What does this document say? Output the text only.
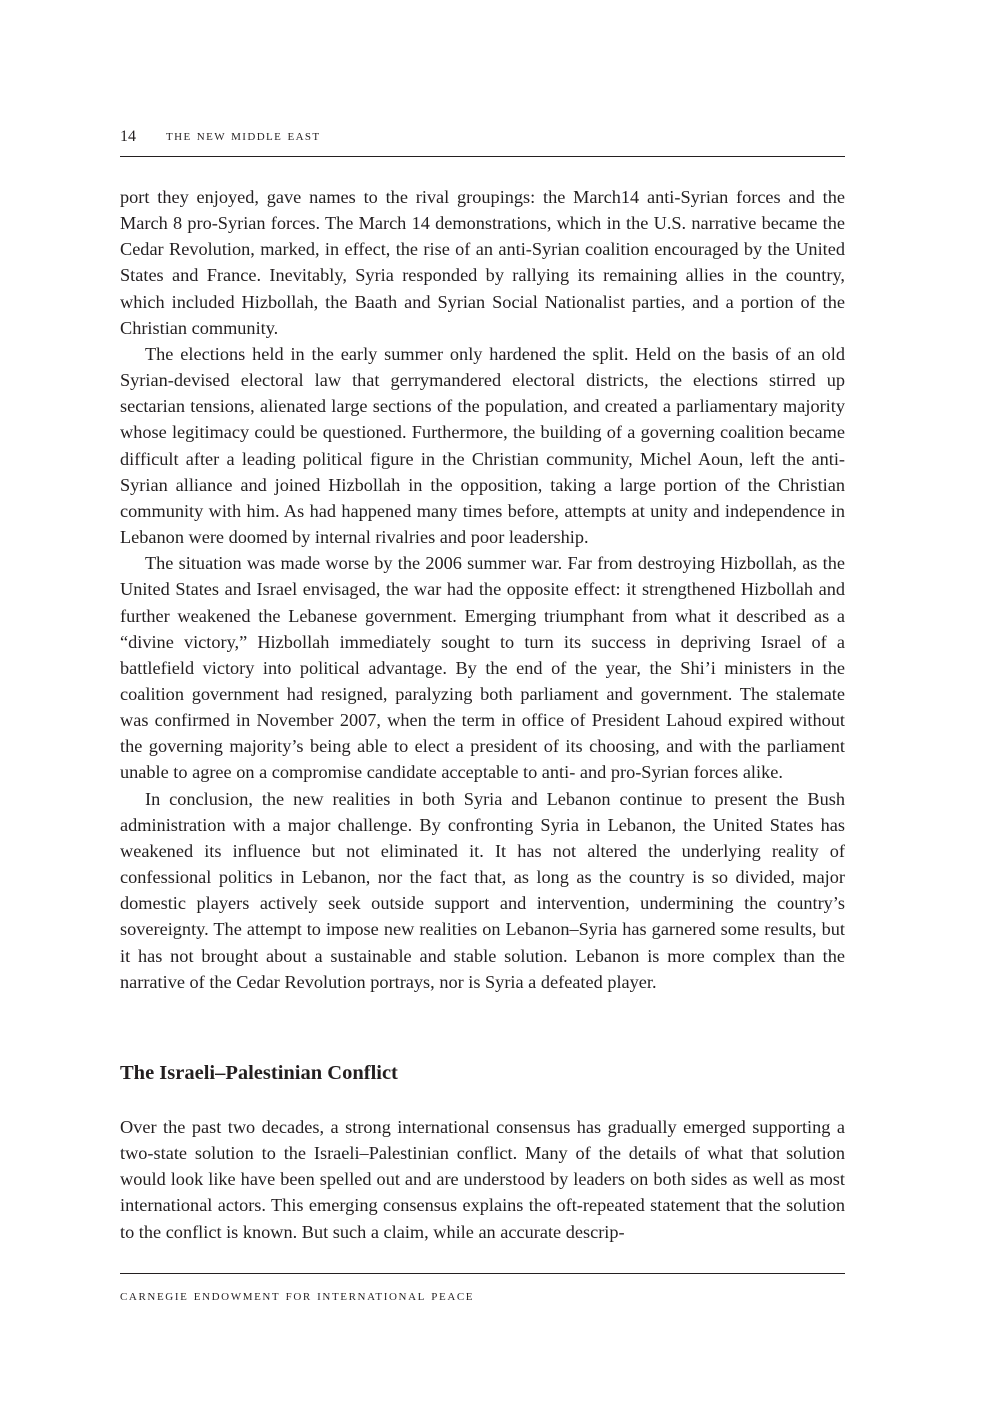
14 the new middle east

port they enjoyed, gave names to the rival groupings: the March14 anti-Syrian forces and the March 8 pro-Syrian forces. The March 14 demonstrations, which in the U.S. narrative became the Cedar Revolution, marked, in effect, the rise of an anti-Syrian coalition encouraged by the United States and France. Inevitably, Syria responded by rallying its remaining allies in the country, which included Hizbollah, the Baath and Syrian Social Nationalist parties, and a portion of the Christian community.

The elections held in the early summer only hardened the split. Held on the basis of an old Syrian-devised electoral law that gerrymandered electoral districts, the elections stirred up sectarian tensions, alienated large sections of the population, and created a parliamentary majority whose legitimacy could be questioned. Furthermore, the building of a governing coalition became difficult after a leading political figure in the Christian community, Michel Aoun, left the anti-Syrian alliance and joined Hizbollah in the opposition, taking a large portion of the Christian community with him. As had happened many times before, attempts at unity and independence in Lebanon were doomed by internal rivalries and poor leadership.

The situation was made worse by the 2006 summer war. Far from destroying Hizbollah, as the United States and Israel envisaged, the war had the opposite effect: it strengthened Hizbollah and further weakened the Lebanese government. Emerging triumphant from what it described as a “divine victory,” Hizbollah immediately sought to turn its success in depriving Israel of a battlefield victory into political advantage. By the end of the year, the Shi’i ministers in the coalition government had resigned, paralyzing both parliament and government. The stalemate was confirmed in November 2007, when the term in office of President Lahoud expired without the governing majority’s being able to elect a president of its choosing, and with the parliament unable to agree on a compromise candidate acceptable to anti- and pro-Syrian forces alike.

In conclusion, the new realities in both Syria and Lebanon continue to present the Bush administration with a major challenge. By confronting Syria in Lebanon, the United States has weakened its influence but not eliminated it. It has not altered the underlying reality of confessional politics in Lebanon, nor the fact that, as long as the country is so divided, major domestic players actively seek outside support and intervention, undermining the country’s sovereignty. The attempt to impose new realities on Lebanon–Syria has garnered some results, but it has not brought about a sustainable and stable solution. Lebanon is more complex than the narrative of the Cedar Revolution portrays, nor is Syria a defeated player.

The Israeli–Palestinian Conflict

Over the past two decades, a strong international consensus has gradually emerged supporting a two-state solution to the Israeli–Palestinian conflict. Many of the details of what that solution would look like have been spelled out and are understood by leaders on both sides as well as most international actors. This emerging consensus explains the oft-repeated statement that the solution to the conflict is known. But such a claim, while an accurate descrip-

carnegie endowment for international peace
